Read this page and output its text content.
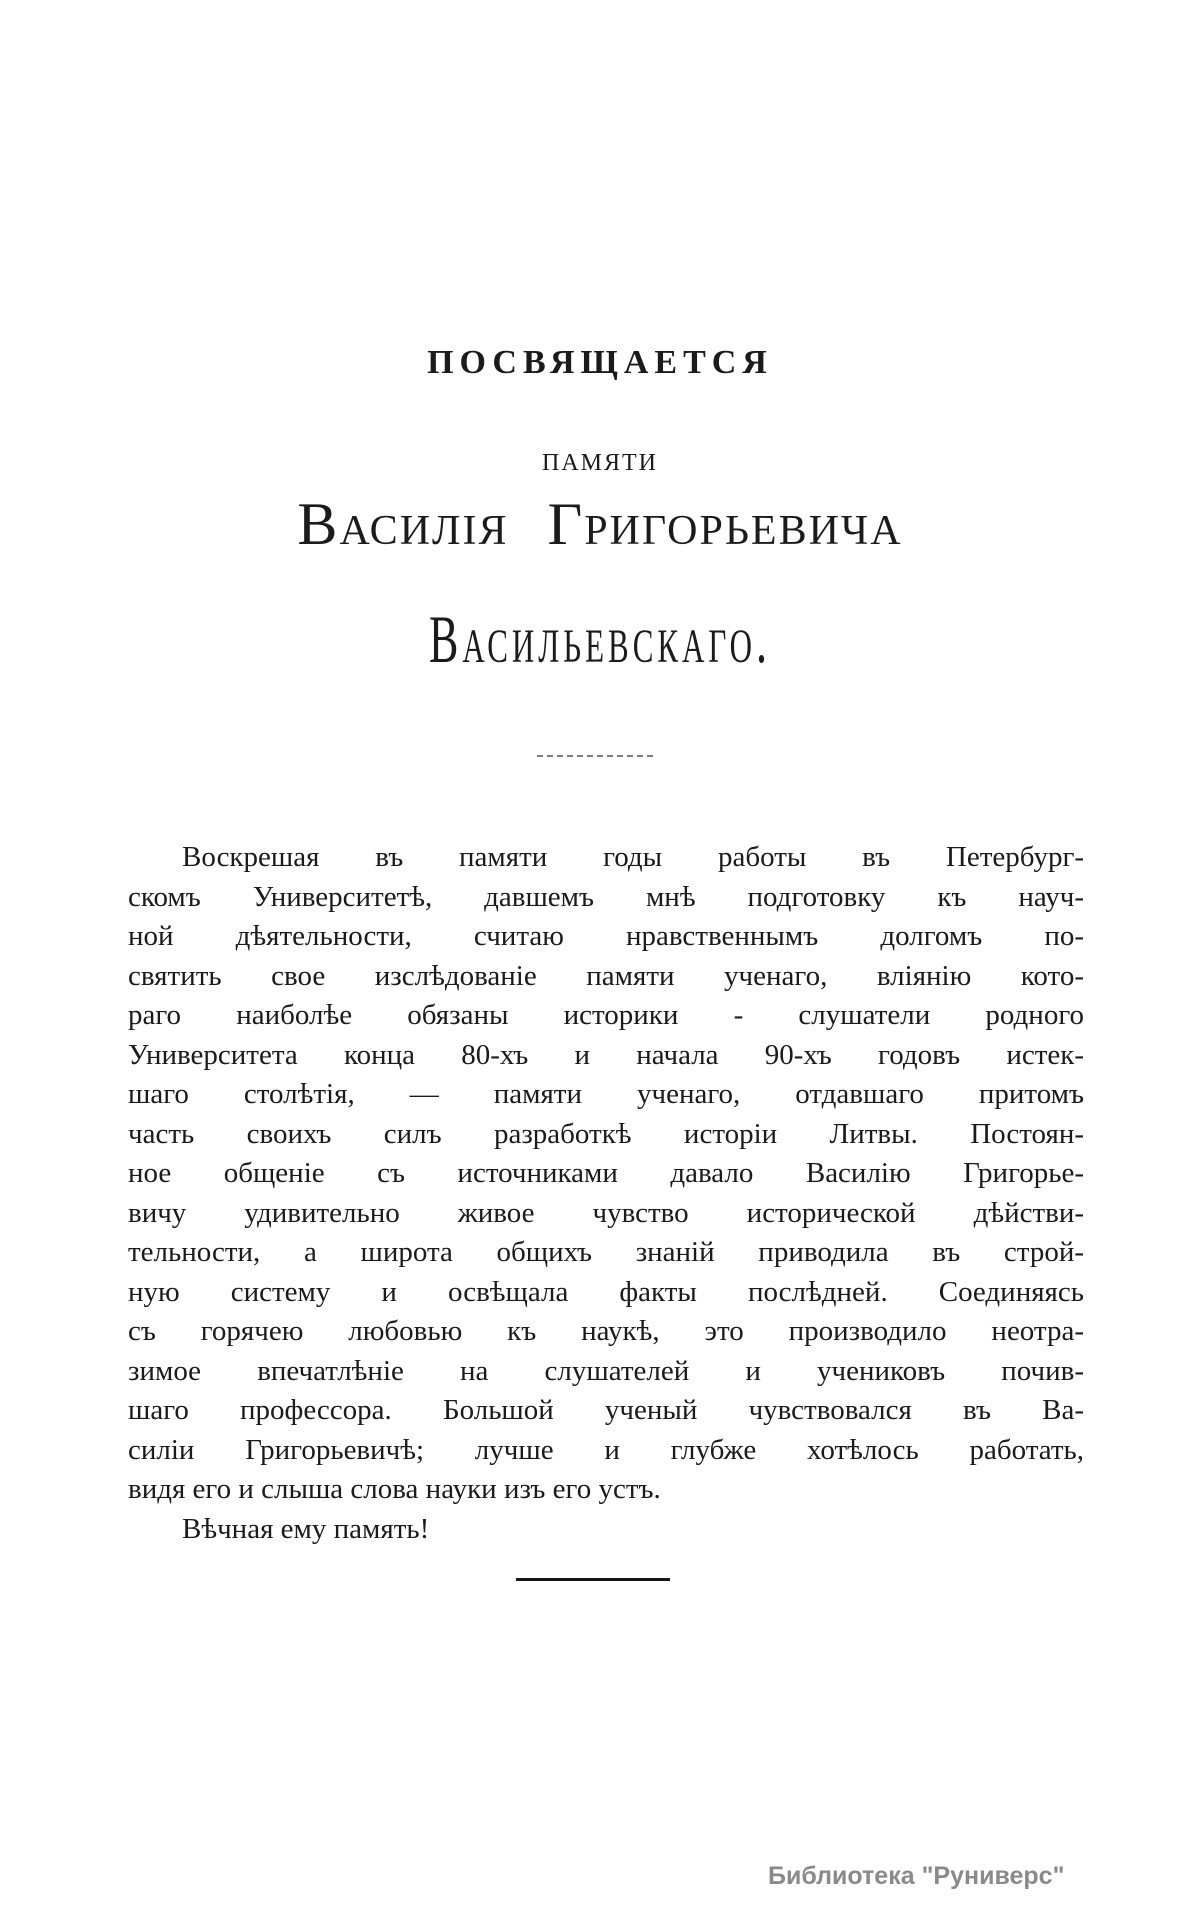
ПОСВЯЩАЕТСЯ
ПАМЯТИ
Василія Григорьевича
Васильевскаго.
Воскрешая въ памяти годы работы въ Петербург-
скомъ Университетѣ, давшемъ мнѣ подготовку къ науч-
ной дѣятельности, считаю нравственнымъ долгомъ по-
святить свое изслѣдованіе памяти ученаго, вліянію кото-
раго наиболѣе обязаны историки - слушатели родного
Университета конца 80-хъ и начала 90-хъ годовъ истек-
шаго столѣтія, — памяти ученаго, отдавшаго притомъ
часть своихъ силъ разработкѣ исторіи Литвы. Постоян-
ное общеніе съ источниками давало Василію Григорье-
вичу удивительно живое чувство исторической дѣйстви-
тельности, а широта общихъ знаній приводила въ строй-
ную систему и освѣщала факты послѣдней. Соединяясь
съ горячею любовью къ наукѣ, это производило неотра-
зимое впечатлѣніе на слушателей и учениковъ почив-
шаго профессора. Большой ученый чувствовался въ Ва-
силіи Григорьевичѣ; лучше и глубже хотѣлось работать,
видя его и слыша слова науки изъ его устъ.
Вѣчная ему память!
Библиотека "Руниверс"
